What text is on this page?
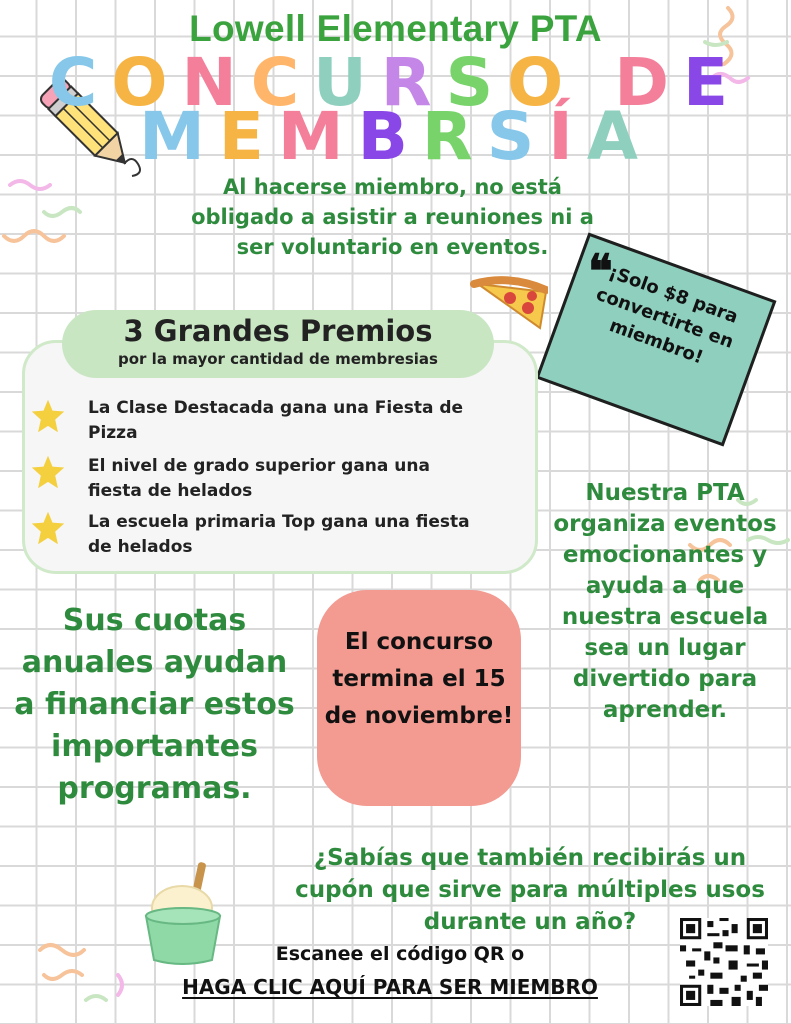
Lowell Elementary PTA
CONCURSO DE
MEMBRSÍA
Al hacerse miembro, no está obligado a asistir a reuniones ni a ser voluntario en eventos.
¡Solo $8 para convertirte en miembro!
❝
3 Grandes Premios
por la mayor cantidad de membresias
La Clase Destacada gana una Fiesta de Pizza
El nivel de grado superior gana una fiesta de helados
La escuela primaria Top gana una fiesta de helados
Nuestra PTA organiza eventos emocionantes y ayuda a que nuestra escuela sea un lugar divertido para aprender.
Sus cuotas anuales ayudan a financiar estos importantes programas.
El concurso termina el 15 de noviembre!
¿Sabías que también recibirás un cupón que sirve para múltiples usos durante un año?
Escanee el código QR o
HAGA CLIC AQUÍ PARA SER MIEMBRO
